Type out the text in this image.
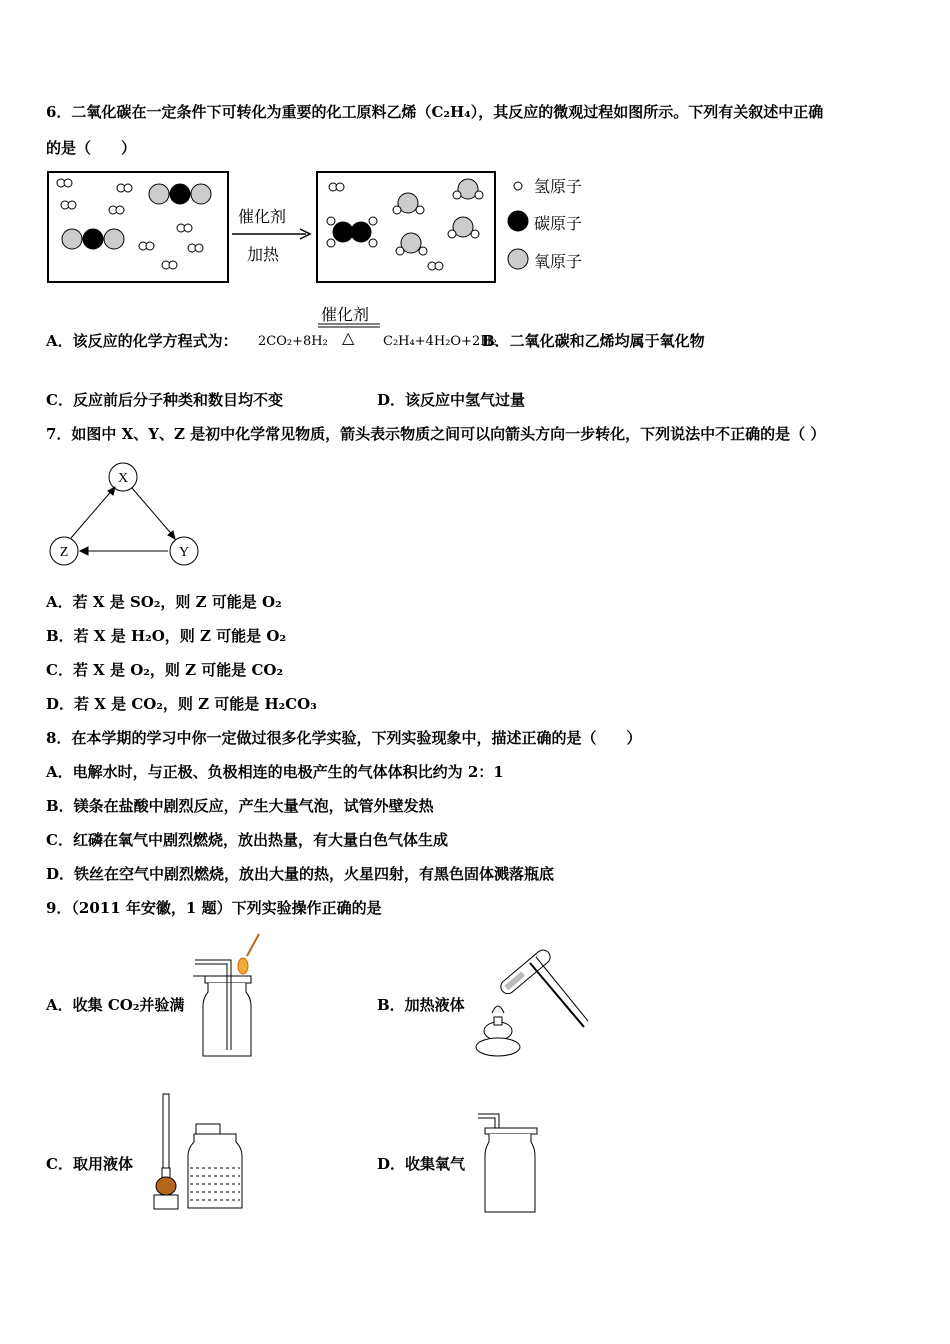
6．二氧化碳在一定条件下可转化为重要的化工原料乙烯（C₂H₄），其反应的微观过程如图所示。下列有关叙述中正确
的是（　　）
催化剂
加热
氢原子
碳原子
氧原子
催化剂
△
A．该反应的化学方程式为： 2CO₂+8H₂	C₂H₄+4H₂O+2H₂
B．二氧化碳和乙烯均属于氧化物
C．反应前后分子种类和数目均不变	D．该反应中氢气过量
7．如图中 X、Y、Z 是初中化学常见物质，箭头表示物质之间可以向箭头方向一步转化，下列说法中不正确的是（ ）
X
Y
Z
A．若 X 是 SO₂，则 Z 可能是 O₂
B．若 X 是 H₂O，则 Z 可能是 O₂
C．若 X 是 O₂，则 Z 可能是 CO₂
D．若 X 是 CO₂，则 Z 可能是 H₂CO₃
8．在本学期的学习中你一定做过很多化学实验，下列实验现象中，描述正确的是（　　）
A．电解水时，与正极、负极相连的电极产生的气体体积比约为 2：1
B．镁条在盐酸中剧烈反应，产生大量气泡，试管外壁发热
C．红磷在氧气中剧烈燃烧，放出热量，有大量白色气体生成
D．铁丝在空气中剧烈燃烧，放出大量的热，火星四射，有黑色固体溅落瓶底
9．（2011 年安徽，1 题）下列实验操作正确的是
A．收集 CO₂并验满	B．加热液体
C．取用液体	D．收集氧气
